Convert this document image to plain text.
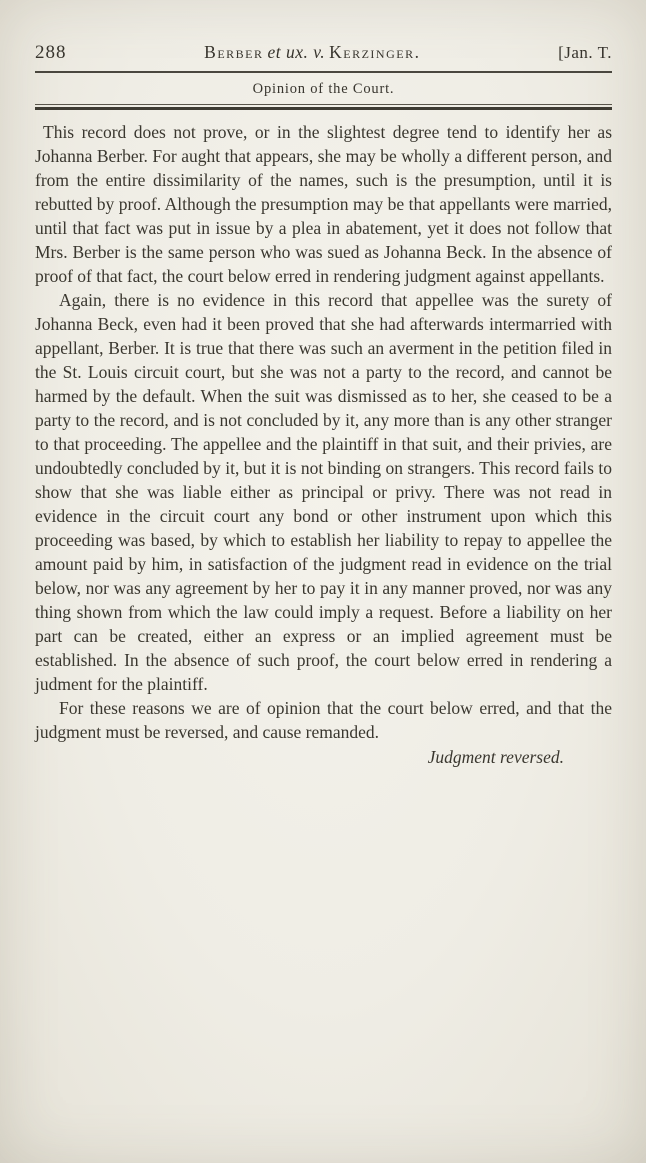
288	Berber et ux. v. Kerzinger.	[Jan. T.
Opinion of the Court.

This record does not prove, or in the slightest degree tend to identify her as Johanna Berber. For aught that appears, she may be wholly a different person, and from the entire dissimilarity of the names, such is the presumption, until it is rebutted by proof. Although the presumption may be that appellants were married, until that fact was put in issue by a plea in abatement, yet it does not follow that Mrs. Berber is the same person who was sued as Johanna Beck. In the absence of proof of that fact, the court below erred in rendering judgment against appellants.

Again, there is no evidence in this record that appellee was the surety of Johanna Beck, even had it been proved that she had afterwards intermarried with appellant, Berber. It is true that there was such an averment in the petition filed in the St. Louis circuit court, but she was not a party to the record, and cannot be harmed by the default. When the suit was dismissed as to her, she ceased to be a party to the record, and is not concluded by it, any more than is any other stranger to that proceeding. The appellee and the plaintiff in that suit, and their privies, are undoubtedly concluded by it, but it is not binding on strangers. This record fails to show that she was liable either as principal or privy. There was not read in evidence in the circuit court any bond or other instrument upon which this proceeding was based, by which to establish her liability to repay to appellee the amount paid by him, in satisfaction of the judgment read in evidence on the trial below, nor was any agreement by her to pay it in any manner proved, nor was any thing shown from which the law could imply a request. Before a liability on her part can be created, either an express or an implied agreement must be established. In the absence of such proof, the court below erred in rendering a judment for the plaintiff.

For these reasons we are of opinion that the court below erred, and that the judgment must be reversed, and cause remanded.

Judgment reversed.
